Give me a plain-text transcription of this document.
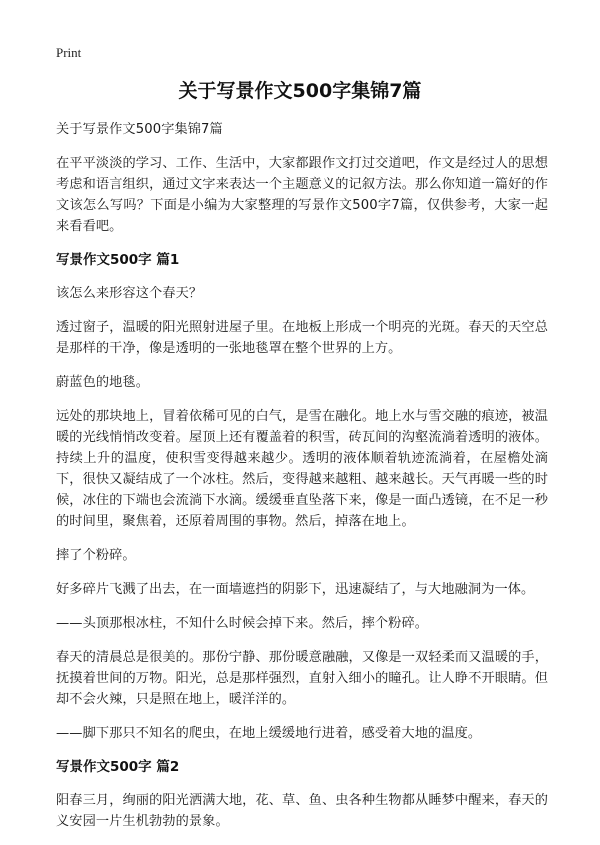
Print
关于写景作文500字集锦7篇

关于写景作文500字集锦7篇

在平平淡淡的学习、工作、生活中，大家都跟作文打过交道吧，作文是经过人的思想考虑和语言组织，通过文字来表达一个主题意义的记叙方法。那么你知道一篇好的作文该怎么写吗？下面是小编为大家整理的写景作文500字7篇，仅供参考，大家一起来看看吧。

写景作文500字 篇1

该怎么来形容这个春天？

透过窗子，温暖的阳光照射进屋子里。在地板上形成一个明亮的光斑。春天的天空总是那样的干净，像是透明的一张地毯罩在整个世界的上方。

蔚蓝色的地毯。

远处的那块地上，冒着依稀可见的白气，是雪在融化。地上水与雪交融的痕迹，被温暖的光线悄悄改变着。屋顶上还有覆盖着的积雪，砖瓦间的沟壑流淌着透明的液体。持续上升的温度，使积雪变得越来越少。透明的液体顺着轨迹流淌着，在屋檐处滴下，很快又凝结成了一个冰柱。然后，变得越来越粗、越来越长。天气再暖一些的时候，冰住的下端也会流淌下水滴。缓缓垂直坠落下来，像是一面凸透镜，在不足一秒的时间里，聚焦着，还原着周围的事物。然后，掉落在地上。

摔了个粉碎。

好多碎片飞溅了出去，在一面墙遮挡的阴影下，迅速凝结了，与大地融洞为一体。

——头顶那根冰柱，不知什么时候会掉下来。然后，摔个粉碎。

春天的清晨总是很美的。那份宁静、那份暖意融融，又像是一双轻柔而又温暖的手，抚摸着世间的万物。阳光，总是那样强烈，直射入细小的瞳孔。让人睁不开眼睛。但却不会火辣，只是照在地上，暖洋洋的。

——脚下那只不知名的爬虫，在地上缓缓地行进着，感受着大地的温度。

写景作文500字 篇2

阳春三月，绚丽的阳光洒满大地，花、草、鱼、虫各种生物都从睡梦中醒来，春天的义安园一片生机勃勃的景象。
